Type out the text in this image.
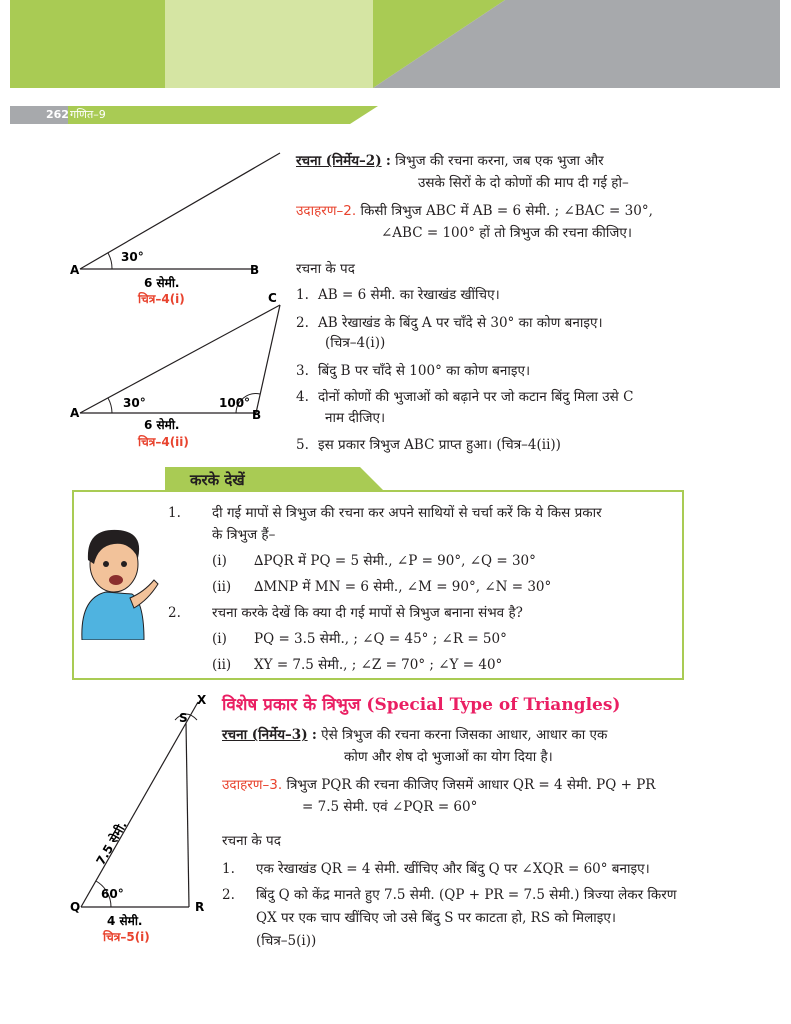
262 गणित–9
A	B
30°
6 सेमी.
चित्र–4(i)
A	B
C
30°	100°
6 सेमी.
चित्र–4(ii)
रचना (निर्मेय–2) : त्रिभुज की रचना करना, जब एक भुजा और
उसके सिरों के दो कोणों की माप दी गई हो–
उदाहरण–2. किसी त्रिभुज ABC में AB = 6 सेमी. ; ∠BAC = 30°,
∠ABC = 100° हों तो त्रिभुज की रचना कीजिए।
रचना के पद
1. AB = 6 सेमी. का रेखाखंड खींचिए।
2. AB रेखाखंड के बिंदु A पर चाँदे से 30° का कोण बनाइए।
(चित्र–4(i))
3. बिंदु B पर चाँदे से 100° का कोण बनाइए।
4. दोनों कोणों की भुजाओं को बढ़ाने पर जो कटान बिंदु मिला उसे C
नाम दीजिए।
5. इस प्रकार त्रिभुज ABC प्राप्त हुआ। (चित्र–4(ii))
करके देखें
1. दी गई मापों से त्रिभुज की रचना कर अपने साथियों से चर्चा करें कि ये किस प्रकार
के त्रिभुज हैं–
(i) ∆PQR में PQ = 5 सेमी., ∠P = 90°, ∠Q = 30°
(ii) ∆MNP में MN = 6 सेमी., ∠M = 90°, ∠N = 30°
2. रचना करके देखें कि क्या दी गई मापों से त्रिभुज बनाना संभव है?
(i) PQ = 3.5 सेमी., ; ∠Q = 45° ; ∠R = 50°
(ii) XY = 7.5 सेमी., ; ∠Z = 70° ; ∠Y = 40°
विशेष प्रकार के त्रिभुज (Special Type of Triangles)
रचना (निर्मेय–3) : ऐसे त्रिभुज की रचना करना जिसका आधार, आधार का एक
कोण और शेष दो भुजाओं का योग दिया है।
उदाहरण–3. त्रिभुज PQR की रचना कीजिए जिसमें आधार QR = 4 सेमी. PQ + PR
= 7.5 सेमी. एवं ∠PQR = 60°
रचना के पद
1. एक रेखाखंड QR = 4 सेमी. खींचिए और बिंदु Q पर ∠XQR = 60° बनाइए।
2. बिंदु Q को केंद्र मानते हुए 7.5 सेमी. (QP + PR = 7.5 सेमी.) त्रिज्या लेकर किरण
QX पर एक चाप खींचिए जो उसे बिंदु S पर काटता हो, RS को मिलाइए।
(चित्र–5(i))
Q	R
S
X
60°
4 सेमी.
7.5 सेमी.
चित्र–5(i)
